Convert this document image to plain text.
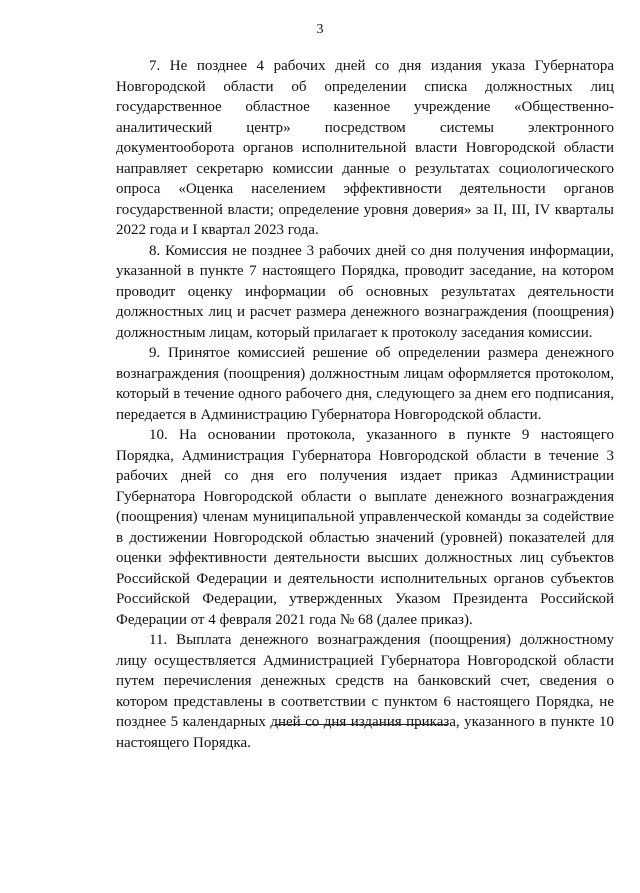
3

7. Не позднее 4 рабочих дней со дня издания указа Губернатора Новгородской области об определении списка должностных лиц государственное областное казенное учреждение «Общественно-аналитический центр» посредством системы электронного документооборота органов исполнительной власти Новгородской области направляет секретарю комиссии данные о результатах социологического опроса «Оценка населением эффективности деятельности органов государственной власти; определение уровня доверия» за II, III, IV кварталы 2022 года и I квартал 2023 года.

8. Комиссия не позднее 3 рабочих дней со дня получения информации, указанной в пункте 7 настоящего Порядка, проводит заседание, на котором проводит оценку информации об основных результатах деятельности должностных лиц и расчет размера денежного вознаграждения (поощрения) должностным лицам, который прилагает к протоколу заседания комиссии.

9. Принятое комиссией решение об определении размера денежного вознаграждения (поощрения) должностным лицам оформляется протоколом, который в течение одного рабочего дня, следующего за днем его подписания, передается в Администрацию Губернатора Новгородской области.

10. На основании протокола, указанного в пункте 9 настоящего Порядка, Администрация Губернатора Новгородской области в течение 3 рабочих дней со дня его получения издает приказ Администрации Губернатора Новгородской области о выплате денежного вознаграждения (поощрения) членам муниципальной управленческой команды за содействие в достижении Новгородской областью значений (уровней) показателей для оценки эффективности деятельности высших должностных лиц субъектов Российской Федерации и деятельности исполнительных органов субъектов Российской Федерации, утвержденных Указом Президента Российской Федерации от 4 февраля 2021 года № 68 (далее приказ).

11. Выплата денежного вознаграждения (поощрения) должностному лицу осуществляется Администрацией Губернатора Новгородской области путем перечисления денежных средств на банковский счет, сведения о котором представлены в соответствии с пунктом 6 настоящего Порядка, не позднее 5 календарных дней со дня издания приказа, указанного в пункте 10 настоящего Порядка.
